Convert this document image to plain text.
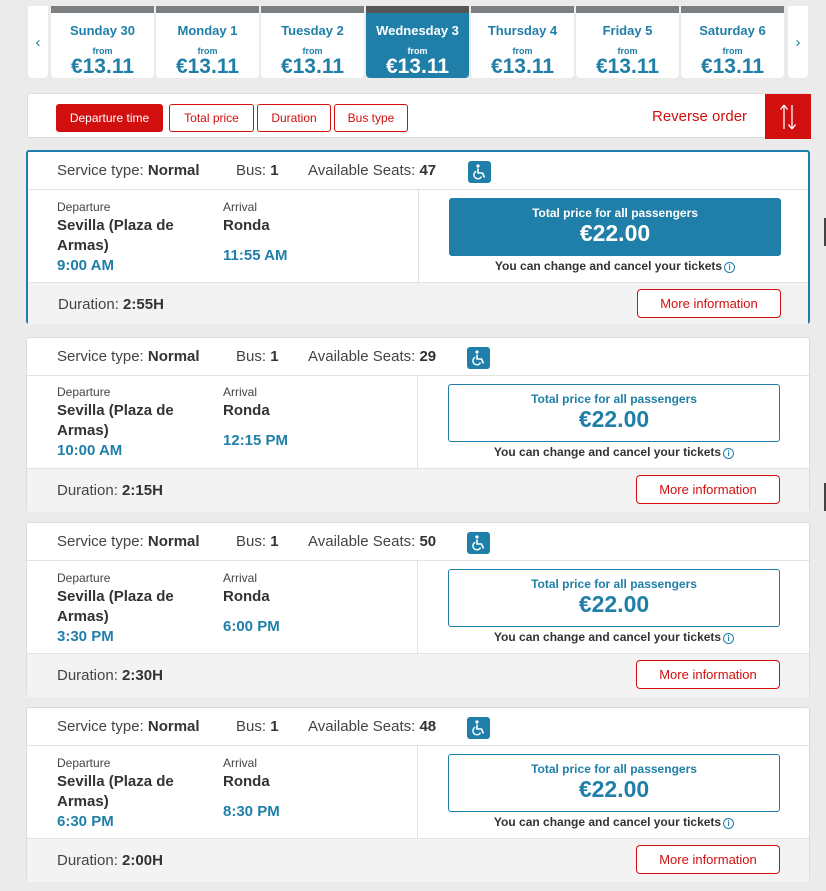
‹
Sunday 30
from
€13.11
Monday 1
from
€13.11
Tuesday 2
from
€13.11
Wednesday 3
from
€13.11
Thursday 4
from
€13.11
Friday 5
from
€13.11
Saturday 6
from
€13.11
›
Departure time	Total price	Duration	Bus type	Reverse order
Service type: Normal Bus: 1 Available Seats: 47
Departure
Sevilla (Plaza de Armas)
9:00 AM
Arrival
Ronda
11:55 AM
Total price for all passengers
€22.00
You can change and cancel your tickets i
Duration: 2:55H	More information
Service type: Normal Bus: 1 Available Seats: 29
Departure
Sevilla (Plaza de Armas)
10:00 AM
Arrival
Ronda
12:15 PM
Total price for all passengers
€22.00
You can change and cancel your tickets i
Duration: 2:15H	More information
Service type: Normal Bus: 1 Available Seats: 50
Departure
Sevilla (Plaza de Armas)
3:30 PM
Arrival
Ronda
6:00 PM
Total price for all passengers
€22.00
You can change and cancel your tickets i
Duration: 2:30H	More information
Service type: Normal Bus: 1 Available Seats: 48
Departure
Sevilla (Plaza de Armas)
6:30 PM
Arrival
Ronda
8:30 PM
Total price for all passengers
€22.00
You can change and cancel your tickets i
Duration: 2:00H	More information
